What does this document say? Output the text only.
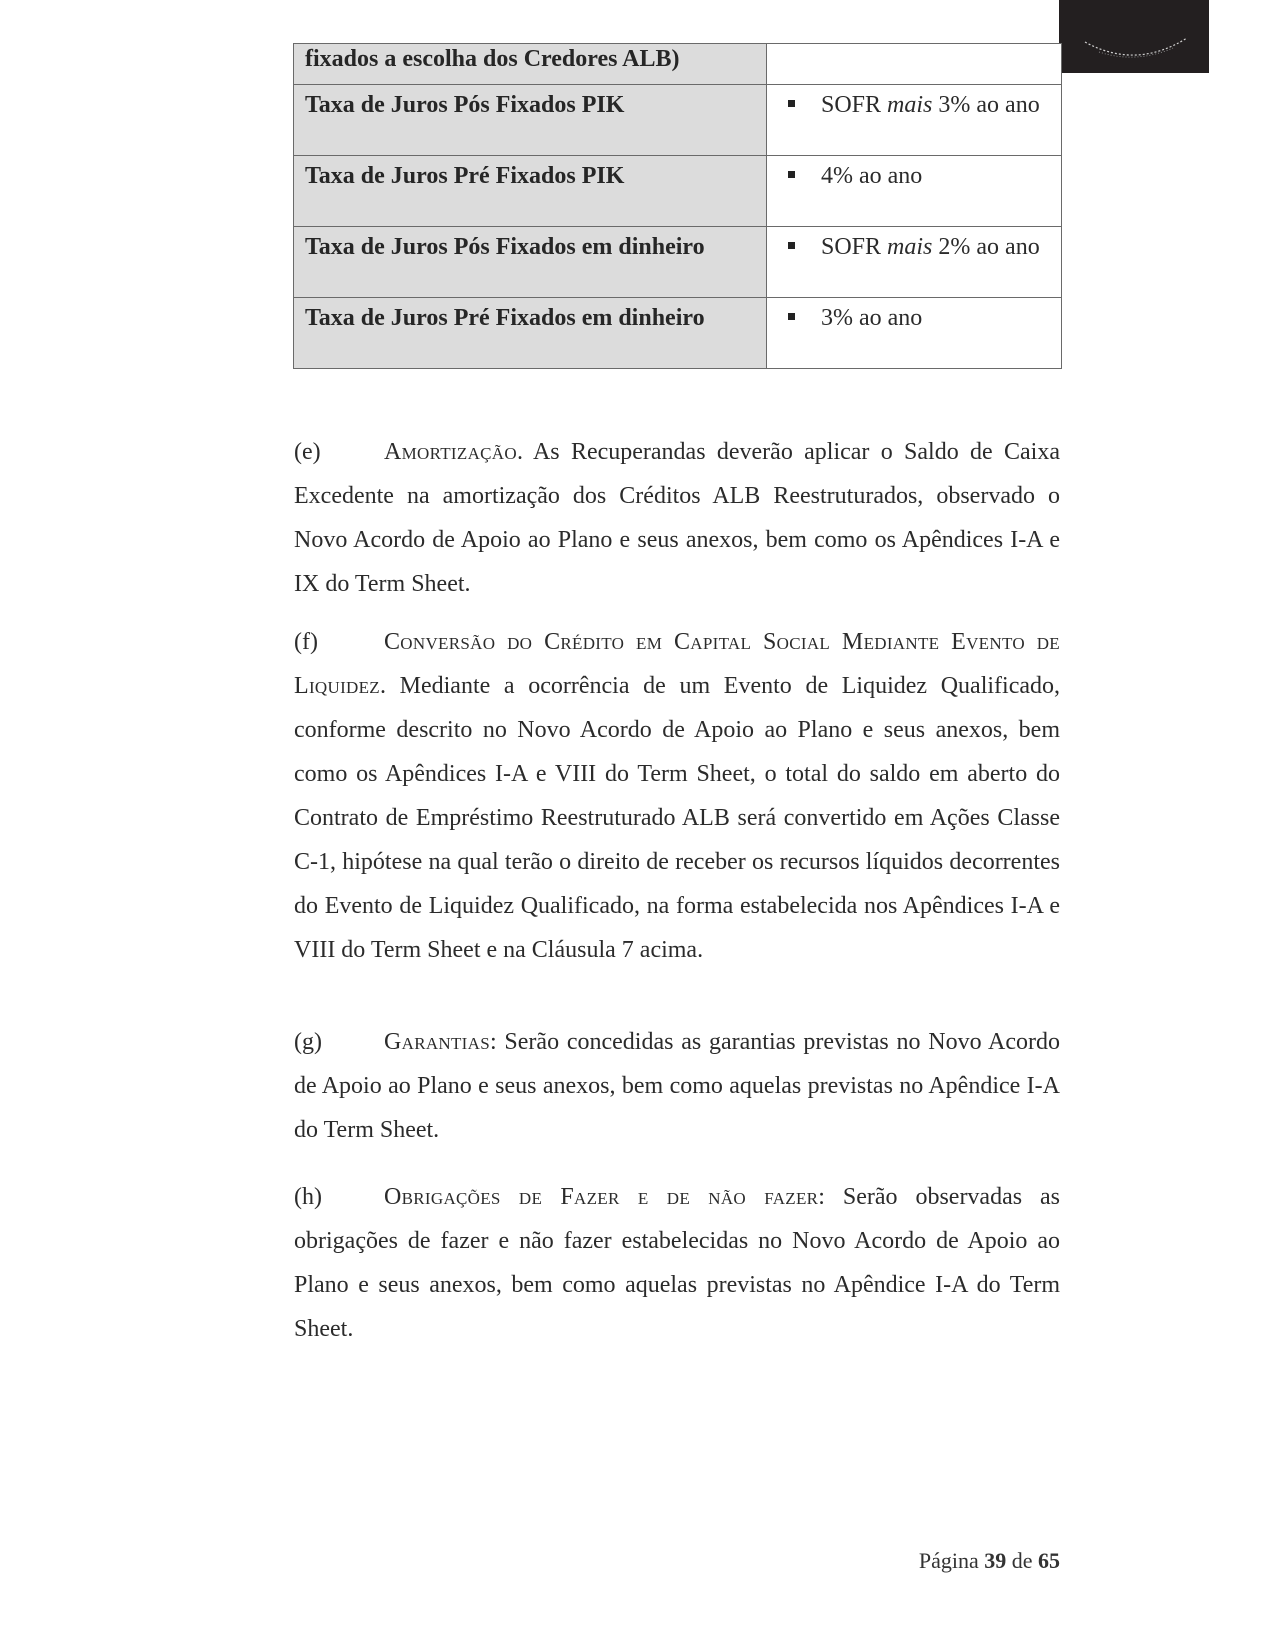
fixados a escolha dos Credores ALB)	
Taxa de Juros Pós Fixados PIK	SOFR mais 3% ao ano

Taxa de Juros Pré Fixados PIK	4% ao ano

Taxa de Juros Pós Fixados em dinheiro	SOFR mais 2% ao ano

Taxa de Juros Pré Fixados em dinheiro	3% ao ano

(e)	Amortização. As Recuperandas deverão aplicar o Saldo de Caixa Excedente na amortização dos Créditos ALB Reestruturados, observado o Novo Acordo de Apoio ao Plano e seus anexos, bem como os Apêndices I-A e IX do Term Sheet.

(f)	Conversão do Crédito em Capital Social Mediante Evento de Liquidez. Mediante a ocorrência de um Evento de Liquidez Qualificado, conforme descrito no Novo Acordo de Apoio ao Plano e seus anexos, bem como os Apêndices I-A e VIII do Term Sheet, o total do saldo em aberto do Contrato de Empréstimo Reestruturado ALB será convertido em Ações Classe C-1, hipótese na qual terão o direito de receber os recursos líquidos decorrentes do Evento de Liquidez Qualificado, na forma estabelecida nos Apêndices I-A e VIII do Term Sheet e na Cláusula 7 acima.

(g)	Garantias: Serão concedidas as garantias previstas no Novo Acordo de Apoio ao Plano e seus anexos, bem como aquelas previstas no Apêndice I-A do Term Sheet.

(h)	Obrigações de Fazer e de não fazer: Serão observadas as obrigações de fazer e não fazer estabelecidas no Novo Acordo de Apoio ao Plano e seus anexos, bem como aquelas previstas no Apêndice I-A do Term Sheet.

Página 39 de 65
